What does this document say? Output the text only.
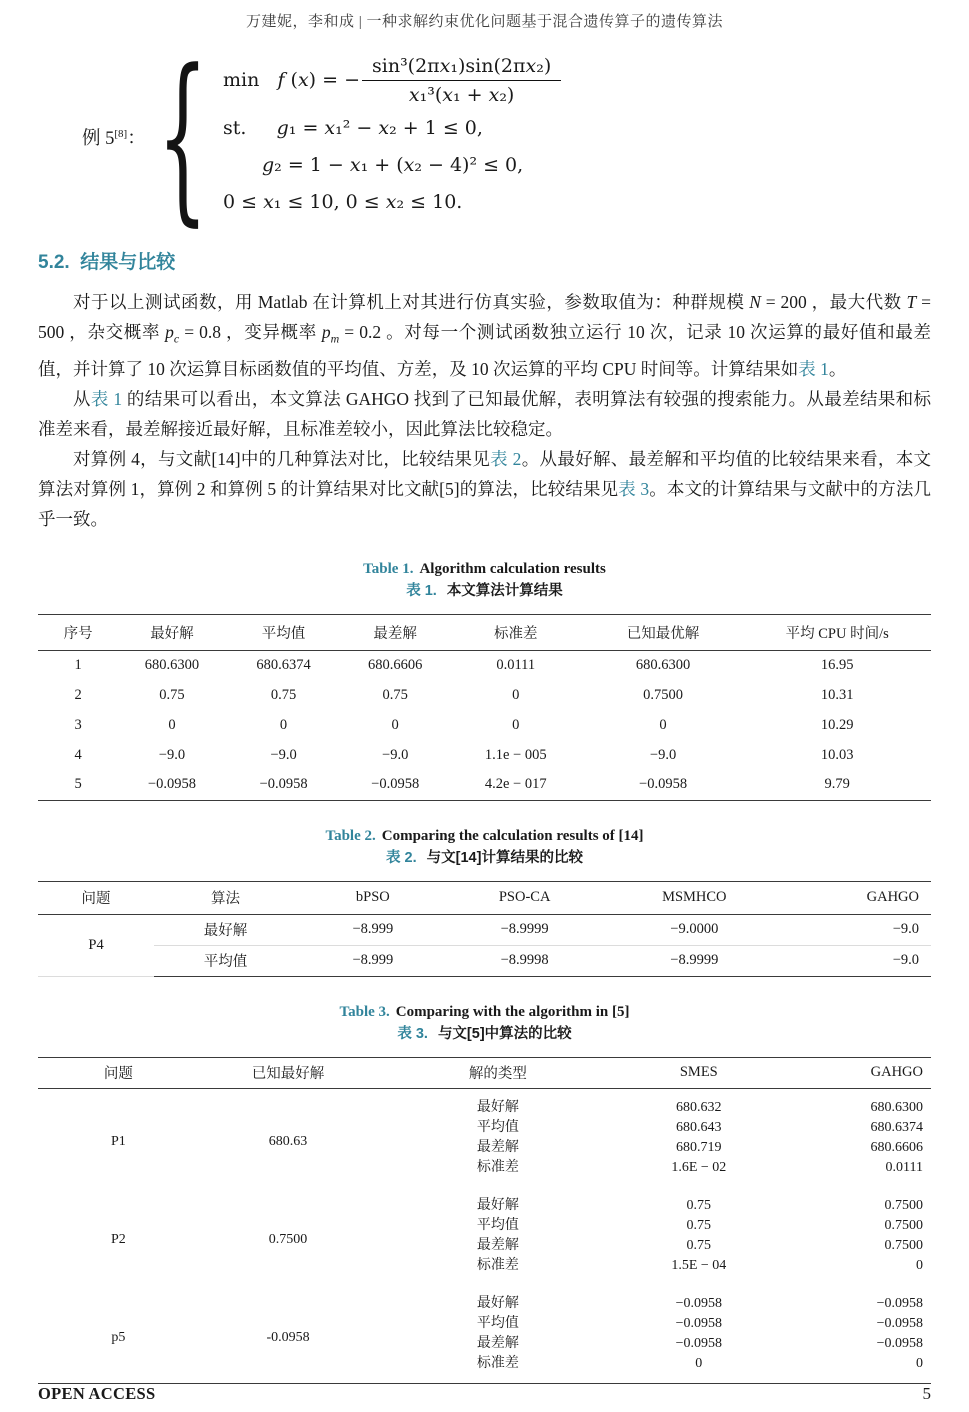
万建妮，李和成 | 一种求解约束优化问题基于混合遗传算子的遗传算法
例 5[8]： { min   f (x) = − $\frac{\text{sin³(2πx₁)sin(2πx₂)}}{\text{x₁³(x₁ + x₂)}}$
st.     g₁ = x₁² − x₂ + 1 ≤ 0,
g₂ = 1 − x₁ + (x₂ − 4)² ≤ 0,
0 ≤ x₁ ≤ 10, 0 ≤ x₂ ≤ 10.
5.2. 结果与比较

对于以上测试函数，用 Matlab 在计算机上对其进行仿真实验，参数取值为：种群规模 N = 200 ，最大代数 T = 500 ，杂交概率 $p_c = 0.8$ ，变异概率 $p_m = 0.2$ 。对每一个测试函数独立运行 10 次，记录 10 次运算的最好值和最差值，并计算了 10 次运算目标函数值的平均值、方差，及 10 次运算的平均 CPU 时间等。计算结果如表 1。

从表 1 的结果可以看出，本文算法 GAHGO 找到了已知最优解，表明算法有较强的搜索能力。从最差结果和标准差来看，最差解接近最好解，且标准差较小，因此算法比较稳定。

对算例 4，与文献[14]中的几种算法对比，比较结果见表 2。从最好解、最差解和平均值的比较结果来看，本文算法对算例 1，算例 2 和算例 5 的计算结果对比文献[5]的算法，比较结果见表 3。本文的计算结果与文献中的方法几乎一致。

Table 1. Algorithm calculation results
表 1. 本文算法计算结果
序号	最好解	平均值	最差解	标准差	已知最优解	平均 CPU 时间/s
1	680.6300	680.6374	680.6606	0.0111	680.6300	16.95
2	0.75	0.75	0.75	0	0.7500	10.31
3	0	0	0	0	0	10.29
4	−9.0	−9.0	−9.0	1.1e − 005	−9.0	10.03
5	−0.0958	−0.0958	−0.0958	4.2e − 017	−0.0958	9.79
Table 2. Comparing the calculation results of [14]
表 2. 与文[14]计算结果的比较
问题	算法	bPSO	PSO-CA	MSMHCO	GAHGO
P4	最好解	−8.999	−8.9999	−9.0000	−9.0
	平均值	−8.999	−8.9998	−8.9999	−9.0
Table 3. Comparing with the algorithm in [5]
表 3. 与文[5]中算法的比较
问题	已知最好解	解的类型	SMES	GAHGO
P1	680.63	最好解	680.632	680.6300
		平均值	680.643	680.6374
		最差解	680.719	680.6606
		标准差	1.6E − 02	0.0111
P2	0.7500	最好解	0.75	0.7500
		平均值	0.75	0.7500
		最差解	0.75	0.7500
		标准差	1.5E − 04	0
p5	-0.0958	最好解	−0.0958	−0.0958
		平均值	−0.0958	−0.0958
		最差解	−0.0958	−0.0958
		标准差	0	0
OPEN ACCESS	5
